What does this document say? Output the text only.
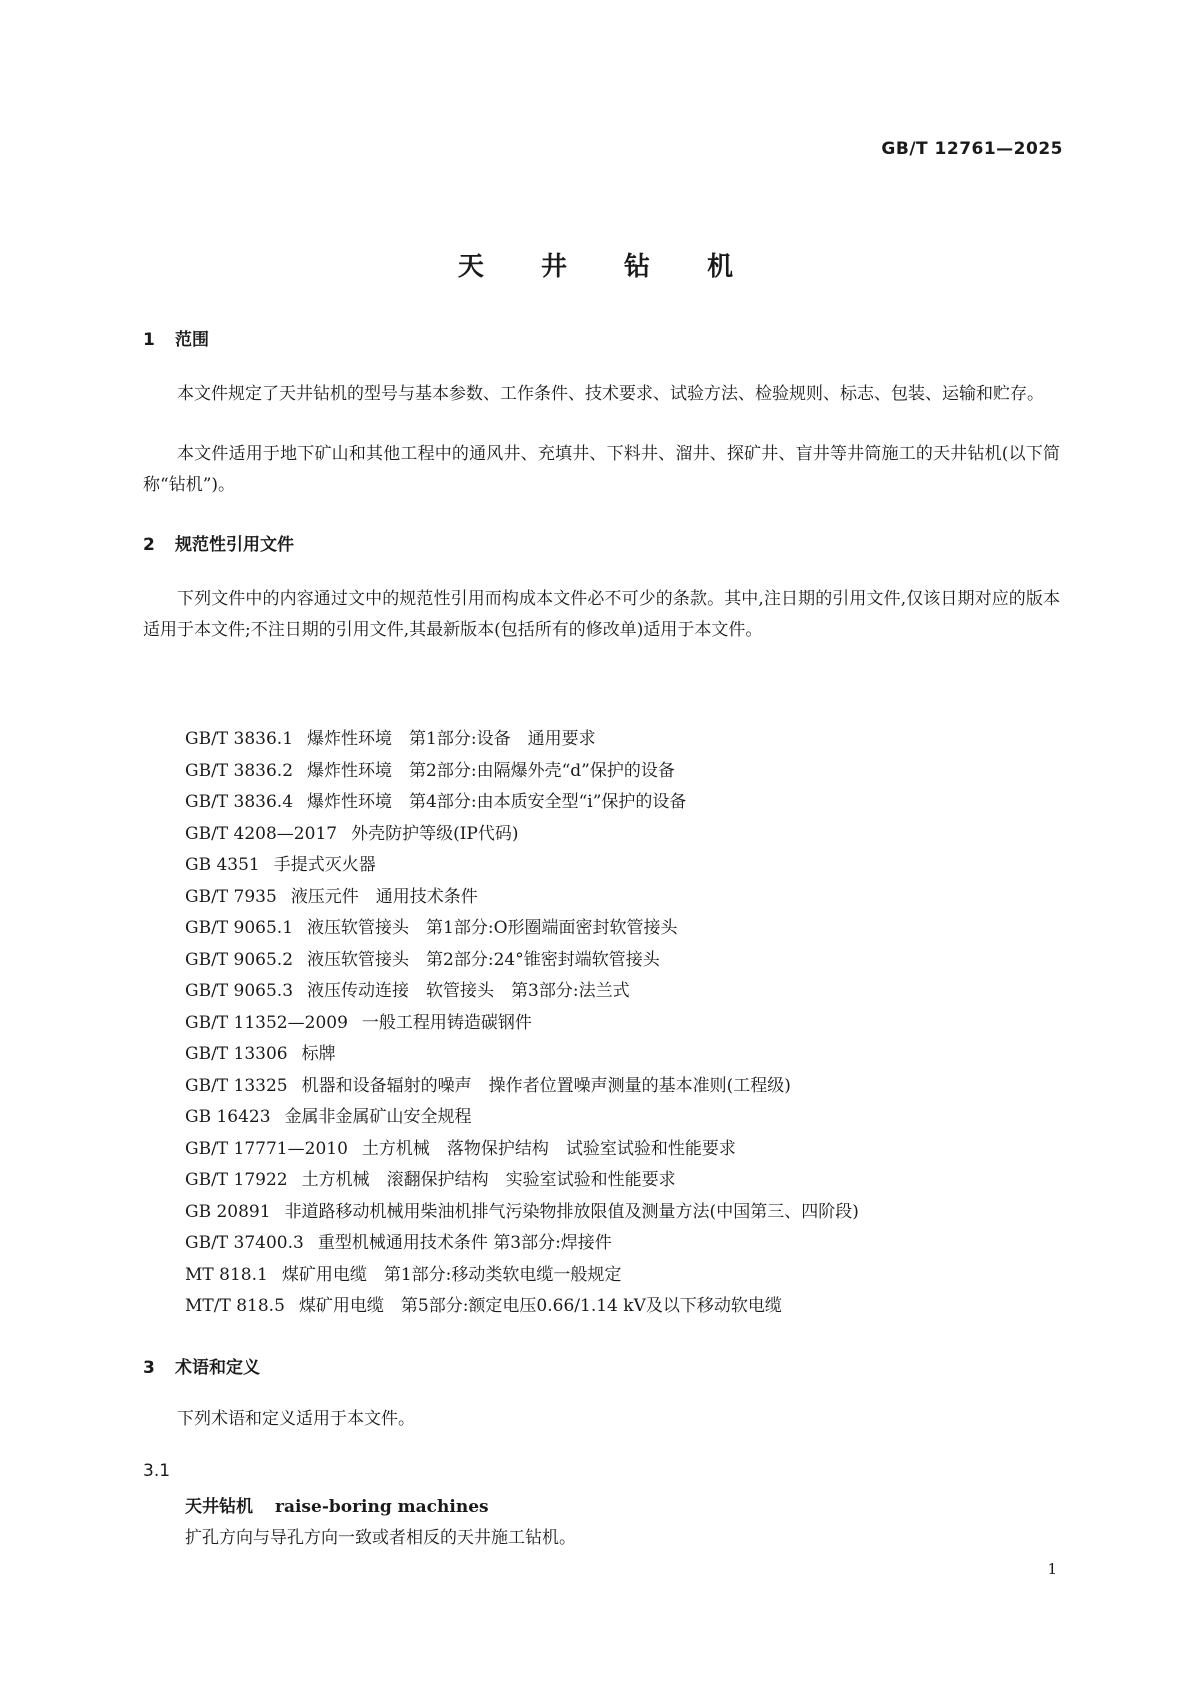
GB/T 12761—2025
天 井 钻 机
1 范围

本文件规定了天井钻机的型号与基本参数、工作条件、技术要求、试验方法、检验规则、标志、包装、运输和贮存。

本文件适用于地下矿山和其他工程中的通风井、充填井、下料井、溜井、探矿井、盲井等井筒施工的天井钻机(以下简称“钻机”)。

2 规范性引用文件

下列文件中的内容通过文中的规范性引用而构成本文件必不可少的条款。其中,注日期的引用文件,仅该日期对应的版本适用于本文件;不注日期的引用文件,其最新版本(包括所有的修改单)适用于本文件。

GB/T 3836.1 爆炸性环境　第1部分:设备　通用要求
GB/T 3836.2 爆炸性环境　第2部分:由隔爆外壳“d”保护的设备
GB/T 3836.4 爆炸性环境　第4部分:由本质安全型“i”保护的设备
GB/T 4208—2017 外壳防护等级(IP代码)
GB 4351 手提式灭火器
GB/T 7935 液压元件　通用技术条件
GB/T 9065.1 液压软管接头　第1部分:O形圈端面密封软管接头
GB/T 9065.2 液压软管接头　第2部分:24°锥密封端软管接头
GB/T 9065.3 液压传动连接　软管接头　第3部分:法兰式
GB/T 11352—2009 一般工程用铸造碳钢件
GB/T 13306 标牌
GB/T 13325 机器和设备辐射的噪声　操作者位置噪声测量的基本准则(工程级)
GB 16423 金属非金属矿山安全规程
GB/T 17771—2010 土方机械　落物保护结构　试验室试验和性能要求
GB/T 17922 土方机械　滚翻保护结构　实验室试验和性能要求
GB 20891 非道路移动机械用柴油机排气污染物排放限值及测量方法(中国第三、四阶段)
GB/T 37400.3 重型机械通用技术条件 第3部分:焊接件
MT 818.1 煤矿用电缆　第1部分:移动类软电缆一般规定
MT/T 818.5 煤矿用电缆　第5部分:额定电压0.66/1.14 kV及以下移动软电缆
3 术语和定义

下列术语和定义适用于本文件。

3.1
天井钻机 raise-boring machines
扩孔方向与导孔方向一致或者相反的天井施工钻机。
1
